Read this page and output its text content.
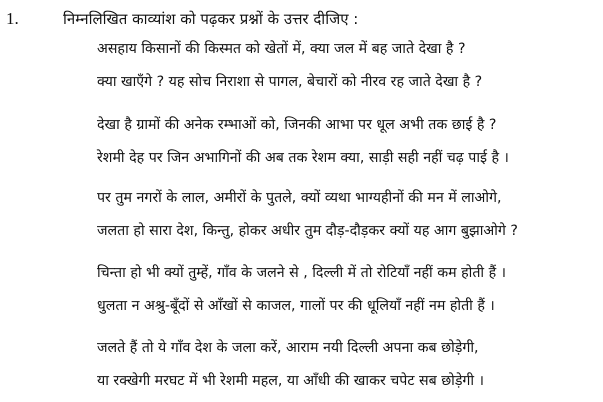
1.	निम्नलिखित काव्यांश को पढ़कर प्रश्नों के उत्तर दीजिए :
असहाय किसानों की किस्मत को खेतों में, क्या जल में बह जाते देखा है ?
क्या खाएँगे ? यह सोच निराशा से पागल, बेचारों को नीरव रह जाते देखा है ?
देखा है ग्रामों की अनेक रम्भाओं को, जिनकी आभा पर धूल अभी तक छाई है ?
रेशमी देह पर जिन अभागिनों की अब तक रेशम क्या, साड़ी सही नहीं चढ़ पाई है ।
पर तुम नगरों के लाल, अमीरों के पुतले, क्यों व्यथा भाग्यहीनों की मन में लाओगे,
जलता हो सारा देश, किन्तु, होकर अधीर तुम दौड़-दौड़कर क्यों यह आग बुझाओगे ?
चिन्ता हो भी क्यों तुम्हें, गाँव के जलने से , दिल्ली में तो रोटियाँ नहीं कम होती हैं ।
धुलता न अश्रु-बूँदों से आँखों से काजल, गालों पर की धूलियाँ नहीं नम होती हैं ।
जलते हैं तो ये गाँव देश के जला करें, आराम नयी दिल्ली अपना कब छोड़ेगी,
या रक्खेगी मरघट में भी रेशमी महल, या आँधी की खाकर चपेट सब छोड़ेगी ।
